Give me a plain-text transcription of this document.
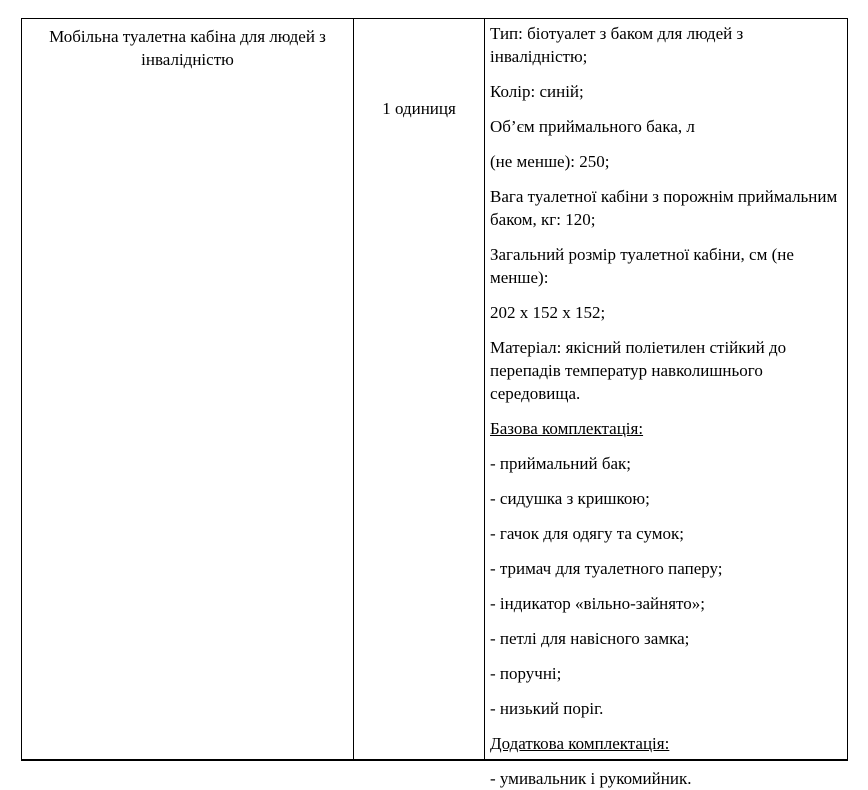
Мобільна туалетна кабіна для людей з інвалідністю
1 одиниця

Тип: біотуалет з баком для людей з інвалідністю;

Колір: синій;

Об’єм приймального бака, л

(не менше): 250;

Вага туалетної кабіни з порожнім приймальним баком, кг: 120;

Загальний розмір туалетної кабіни, см (не менше):

202 х 152 х 152;

Матеріал: якісний поліетилен стійкий до перепадів температур навколишнього середовища.

Базова комплектація:

- приймальний бак;

- сидушка з кришкою;

- гачок для одягу та сумок;

- тримач для туалетного паперу;

- індикатор «вільно-зайнято»;

- петлі для навісного замка;

- поручні;

- низький поріг.

Додаткова комплектація:

- умивальник і рукомийник.
